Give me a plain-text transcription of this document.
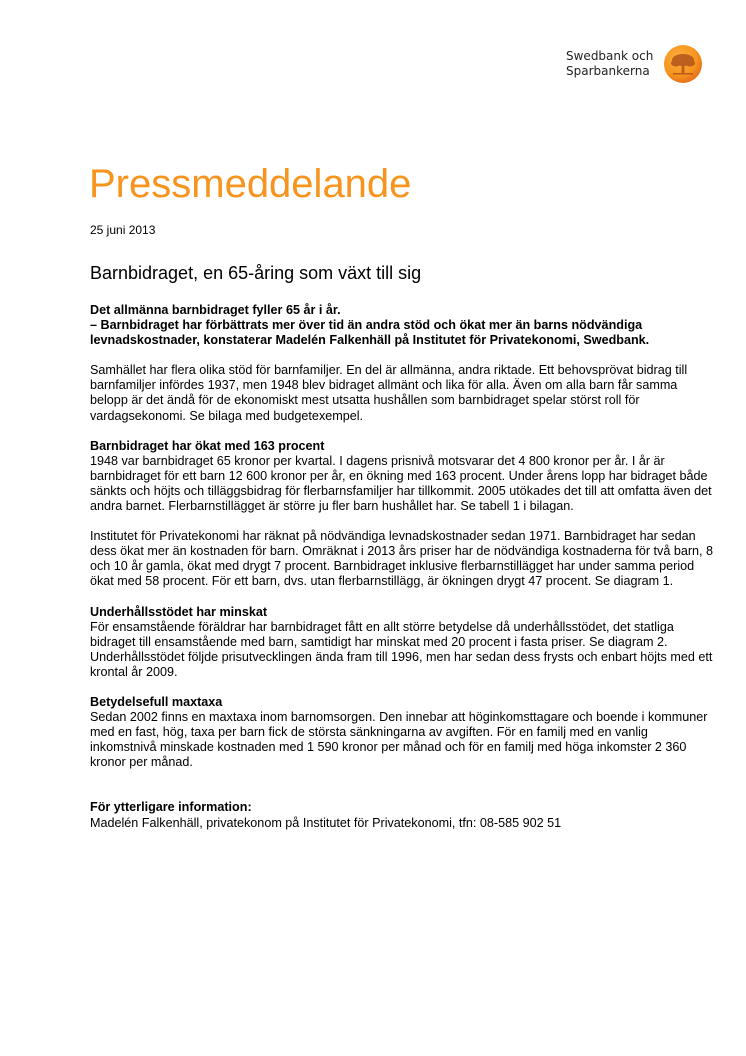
Swedbank och
Sparbankerna
Pressmeddelande
25 juni 2013
Barnbidraget, en 65-åring som växt till sig

Det allmänna barnbidraget fyller 65 år i år.

– Barnbidraget har förbättrats mer över tid än andra stöd och ökat mer än barns nödvändiga levnadskostnader, konstaterar Madelén Falkenhäll på Institutet för Privatekonomi, Swedbank.

Samhället har flera olika stöd för barnfamiljer. En del är allmänna, andra riktade. Ett behovsprövat bidrag till barnfamiljer infördes 1937, men 1948 blev bidraget allmänt och lika för alla. Även om alla barn får samma belopp är det ändå för de ekonomiskt mest utsatta hushållen som barnbidraget spelar störst roll för vardagsekonomi. Se bilaga med budgetexempel.

Barnbidraget har ökat med 163 procent

1948 var barnbidraget 65 kronor per kvartal. I dagens prisnivå motsvarar det 4 800 kronor per år. I år är barnbidraget för ett barn 12 600 kronor per år, en ökning med 163 procent. Under årens lopp har bidraget både sänkts och höjts och tilläggsbidrag för flerbarnsfamiljer har tillkommit. 2005 utökades det till att omfatta även det andra barnet. Flerbarnstillägget är större ju fler barn hushållet har. Se tabell 1 i bilagan.

Institutet för Privatekonomi har räknat på nödvändiga levnadskostnader sedan 1971. Barnbidraget har sedan dess ökat mer än kostnaden för barn. Omräknat i 2013 års priser har de nödvändiga kostnaderna för två barn, 8 och 10 år gamla, ökat med drygt 7 procent. Barnbidraget inklusive flerbarnstillägget har under samma period ökat med 58 procent. För ett barn, dvs. utan flerbarnstillägg, är ökningen drygt 47 procent. Se diagram 1.

Underhållsstödet har minskat

För ensamstående föräldrar har barnbidraget fått en allt större betydelse då underhållsstödet, det statliga bidraget till ensamstående med barn, samtidigt har minskat med 20 procent i fasta priser. Se diagram 2. Underhållsstödet följde prisutvecklingen ända fram till 1996, men har sedan dess frysts och enbart höjts med ett krontal år 2009.

Betydelsefull maxtaxa

Sedan 2002 finns en maxtaxa inom barnomsorgen. Den innebar att höginkomsttagare och boende i kommuner med en fast, hög, taxa per barn fick de största sänkningarna av avgiften. För en familj med en vanlig inkomstnivå minskade kostnaden med 1 590 kronor per månad och för en familj med höga inkomster 2 360 kronor per månad.

För ytterligare information:

Madelén Falkenhäll, privatekonom på Institutet för Privatekonomi, tfn: 08-585 902 51
